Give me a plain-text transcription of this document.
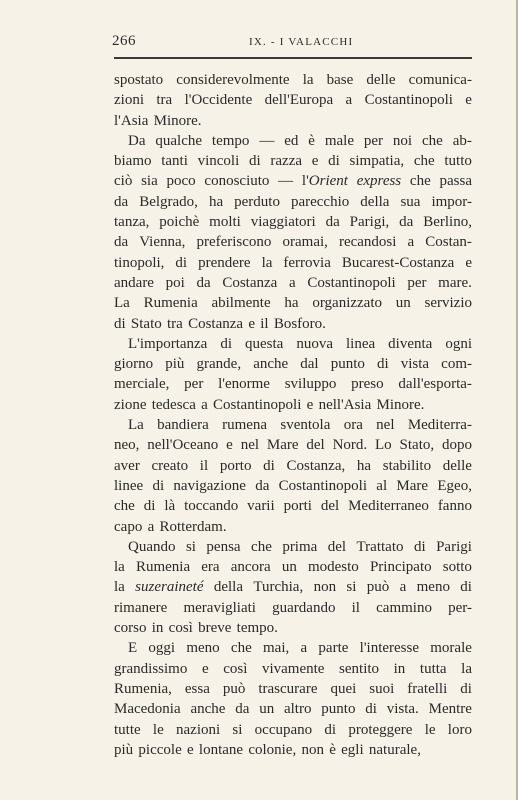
266	IX. - I VALACCHI
spostato considerevolmente la base delle comunica-
zioni tra l'Occidente dell'Europa a Costantinopoli e
l'Asia Minore.
Da qualche tempo — ed è male per noi che ab-
biamo tanti vincoli di razza e di simpatia, che tutto
ciò sia poco conosciuto — l'Orient express che passa
da Belgrado, ha perduto parecchio della sua impor-
tanza, poichè molti viaggiatori da Parigi, da Berlino,
da Vienna, preferiscono oramai, recandosi a Costan-
tinopoli, di prendere la ferrovia Bucarest-Costanza e
andare poi da Costanza a Costantinopoli per mare.
La Rumenia abilmente ha organizzato un servizio
di Stato tra Costanza e il Bosforo.
L'importanza di questa nuova linea diventa ogni
giorno più grande, anche dal punto di vista com-
merciale, per l'enorme sviluppo preso dall'esporta-
zione tedesca a Costantinopoli e nell'Asia Minore.
La bandiera rumena sventola ora nel Mediterra-
neo, nell'Oceano e nel Mare del Nord. Lo Stato, dopo
aver creato il porto di Costanza, ha stabilito delle
linee di navigazione da Costantinopoli al Mare Egeo,
che di là toccando varii porti del Mediterraneo fanno
capo a Rotterdam.
Quando si pensa che prima del Trattato di Parigi
la Rumenia era ancora un modesto Principato sotto
la suzeraineté della Turchia, non si può a meno di
rimanere meravigliati guardando il cammino per-
corso in così breve tempo.
E oggi meno che mai, a parte l'interesse morale
grandissimo e così vivamente sentito in tutta la
Rumenia, essa può trascurare quei suoi fratelli di
Macedonia anche da un altro punto di vista. Mentre
tutte le nazioni si occupano di proteggere le loro
più piccole e lontane colonie, non è egli naturale,
